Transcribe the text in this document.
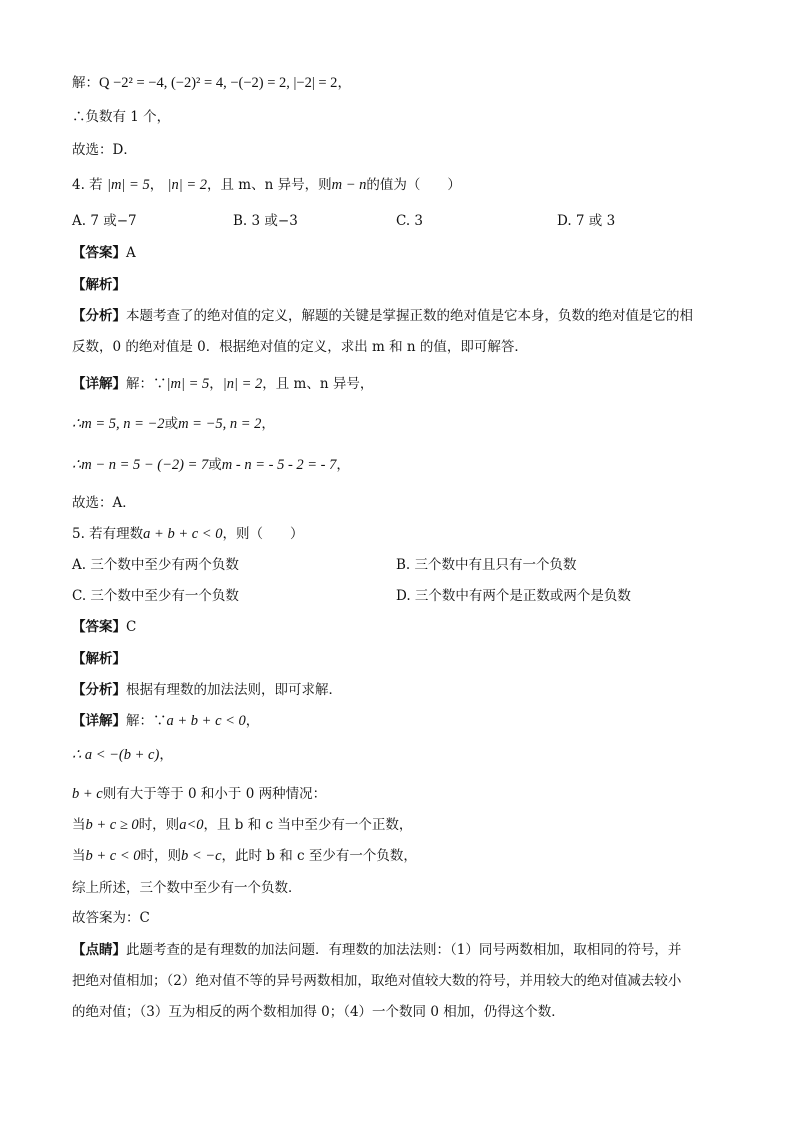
解：Q −2² = −4, (−2)² = 4, −(−2) = 2, |−2| = 2，
∴负数有 1 个，
故选：D．
4. 若 |m| = 5， |n| = 2，且 m、n 异号，则m − n的值为（　　）
A. 7 或−7	B. 3 或−3	C. 3	D. 7 或 3
【答案】A
【解析】
【分析】本题考查了的绝对值的定义，解题的关键是掌握正数的绝对值是它本身，负数的绝对值是它的相
反数，0 的绝对值是 0．根据绝对值的定义，求出 m 和 n 的值，即可解答．
【详解】解：∵|m| = 5，|n| = 2，且 m、n 异号，
∴m = 5, n = −2或m = −5, n = 2，
∴m − n = 5 − (−2) = 7或m - n = - 5 - 2 = - 7，
故选：A．
5. 若有理数a + b + c < 0，则（　　）
A. 三个数中至少有两个负数	B. 三个数中有且只有一个负数
C. 三个数中至少有一个负数	D. 三个数中有两个是正数或两个是负数
【答案】C
【解析】
【分析】根据有理数的加法法则，即可求解．
【详解】解：∵a + b + c < 0，
∴ a < −(b + c)，
b + c则有大于等于 0 和小于 0 两种情况：
当b + c ≥ 0时，则a<0，且 b 和 c 当中至少有一个正数，
当b + c < 0时，则b < −c，此时 b 和 c 至少有一个负数，
综上所述，三个数中至少有一个负数．
故答案为：C
【点睛】此题考查的是有理数的加法问题．有理数的加法法则：（1）同号两数相加，取相同的符号，并
把绝对值相加；（2）绝对值不等的异号两数相加，取绝对值较大数的符号，并用较大的绝对值减去较小
的绝对值；（3）互为相反的两个数相加得 0；（4）一个数同 0 相加，仍得这个数．
